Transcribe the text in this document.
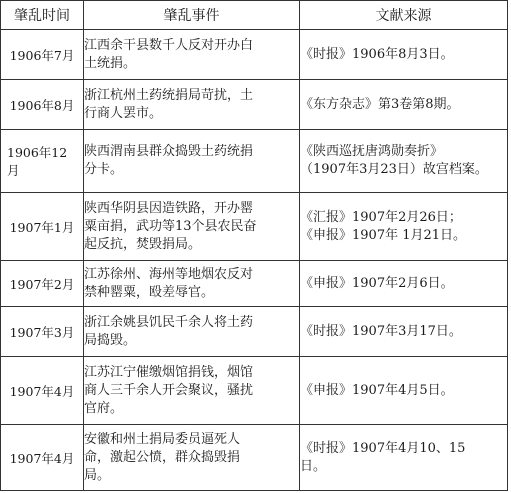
肇乱时间	肇乱事件	文献来源
1906年7月	江西余干县数千人反对开办白
土统捐。	《时报》1906年8月3日。

1906年8月	浙江杭州土药统捐局苛扰，土
行商人罢市。	《东方杂志》第3卷第8期。

1906年12
月	陕西渭南县群众捣毁土药统捐
分卡。	《陕西巡抚唐鸿勋奏折》
（1907年3月23日）故宫档案。

1907年1月	陕西华阴县因造铁路，开办罂
粟亩捐，武功等13个县农民奋
起反抗，焚毁捐局。	《汇报》1907年2月26日；
《申报》1907年 1月21日。

1907年2月	江苏徐州、海州等地烟农反对
禁种罂粟，殴差辱官。	《申报》1907年2月6日。

1907年3月	浙江余姚县饥民千余人将土药
局捣毁。	《时报》1907年3月17日。

1907年4月	江苏江宁催缴烟馆捐钱，烟馆
商人三千余人开会聚议，骚扰
官府。	《申报》1907年4月5日。

1907年4月	安徽和州土捐局委员逼死人
命，激起公愤，群众捣毁捐
局。	《时报》1907年4月10、15
日。
